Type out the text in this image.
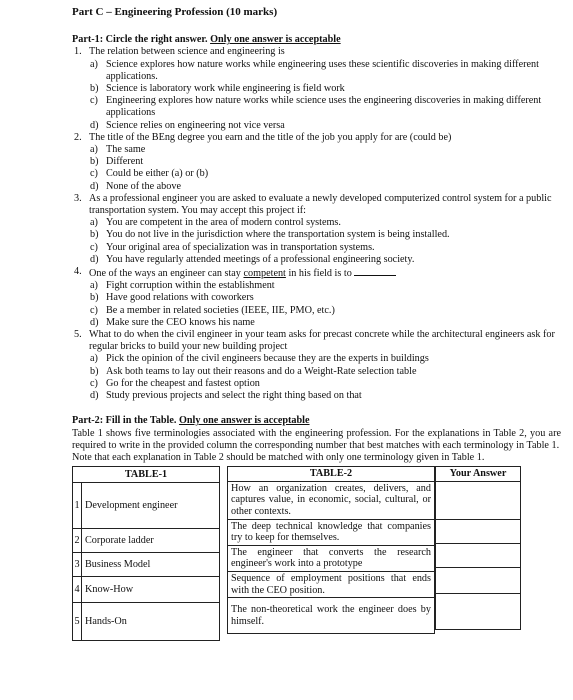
Part C – Engineering Profession (10 marks)
Part-1: Circle the right answer. Only one answer is acceptable
1. The relation between science and engineering is
a) Science explores how nature works while engineering uses these scientific discoveries in making different applications.
b) Science is laboratory work while engineering is field work
c) Engineering explores how nature works while science uses the engineering discoveries in making different applications
d) Science relies on engineering not vice versa
2. The title of the BEng degree you earn and the title of the job you apply for are (could be)
a) The same
b) Different
c) Could be either (a) or (b)
d) None of the above
3. As a professional engineer you are asked to evaluate a newly developed computerized control system for a public transportation system. You may accept this project if:
a) You are competent in the area of modern control systems.
b) You do not live in the jurisdiction where the transportation system is being installed.
c) Your original area of specialization was in transportation systems.
d) You have regularly attended meetings of a professional engineering society.
4. One of the ways an engineer can stay competent in his field is to
a) Fight corruption within the establishment
b) Have good relations with coworkers
c) Be a member in related societies (IEEE, IIE, PMO, etc.)
d) Make sure the CEO knows his name
5. What to do when the civil engineer in your team asks for precast concrete while the architectural engineers ask for regular bricks to build your new building project
a) Pick the opinion of the civil engineers because they are the experts in buildings
b) Ask both teams to lay out their reasons and do a Weight-Rate selection table
c) Go for the cheapest and fastest option
d) Study previous projects and select the right thing based on that
Part-2: Fill in the Table. Only one answer is acceptable

Table 1 shows five terminologies associated with the engineering profession. For the explanations in Table 2, you are required to write in the provided column the corresponding number that best matches with each terminology in Table 1.

Note that each explanation in Table 2 should be matched with only one terminology given in Table 1.

TABLE-1	
1	Development engineer
2	Corporate ladder
3	Business Model
4	Know-How
5	Hands-On
TABLE-2
How an organization creates, delivers, and captures value, in economic, social, cultural, or other contexts.
The deep technical knowledge that companies try to keep for themselves.
The engineer that converts the research engineer's work into a prototype
Sequence of employment positions that ends with the CEO position.
The non-theoretical work the engineer does by himself.
Your Answer
